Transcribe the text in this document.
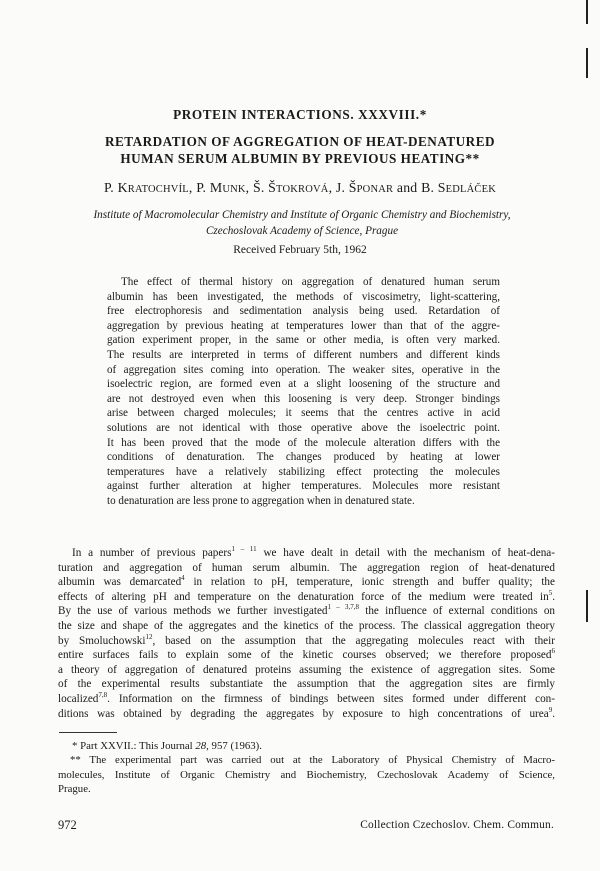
PROTEIN INTERACTIONS. XXXVIII.*
RETARDATION OF AGGREGATION OF HEAT-DENATURED
HUMAN SERUM ALBUMIN BY PREVIOUS HEATING**
P. KRATOCHVÍL, P. MUNK, Š. ŠTOKROVÁ, J. ŠPONAR and B. SEDLÁČEK
Institute of Macromolecular Chemistry and Institute of Organic Chemistry and Biochemistry,
Czechoslovak Academy of Science, Prague
Received February 5th, 1962
The effect of thermal history on aggregation of denatured human serum
albumin has been investigated, the methods of viscosimetry, light-scattering,
free electrophoresis and sedimentation analysis being used. Retardation of
aggregation by previous heating at temperatures lower than that of the aggre-
gation experiment proper, in the same or other media, is often very marked.
The results are interpreted in terms of different numbers and different kinds
of aggregation sites coming into operation. The weaker sites, operative in the
isoelectric region, are formed even at a slight loosening of the structure and
are not destroyed even when this loosening is very deep. Stronger bindings
arise between charged molecules; it seems that the centres active in acid
solutions are not identical with those operative above the isoelectric point.
It has been proved that the mode of the molecule alteration differs with the
conditions of denaturation. The changes produced by heating at lower
temperatures have a relatively stabilizing effect protecting the molecules
against further alteration at higher temperatures. Molecules more resistant
to denaturation are less prone to aggregation when in denatured state.
In a number of previous papers$^{1 - 11}$ we have dealt in detail with the mechanism of heat-dena-
turation and aggregation of human serum albumin. The aggregation region of heat-denatured
albumin was demarcated$^4$ in relation to pH, temperature, ionic strength and buffer quality; the
effects of altering pH and temperature on the denaturation force of the medium were treated $in^5$.
By the use of various methods we further investigated$^{1 - 3,7,8}$ the influence of external conditions on
the size and shape of the aggregates and the kinetics of the process. The classical aggregation theory
by Smoluchowski$^{12}$, based on the assumption that the aggregating molecules react with their
entire surfaces fails to explain some of the kinetic courses observed; we therefore proposed$^6$
a theory of aggregation of denatured proteins assuming the existence of aggregation sites. Some
of the experimental results substantiate the assumption that the aggregation sites are firmly
localized$^{7,8}$. Information on the firmness of bindings between sites formed under different con-
ditions was obtained by degrading the aggregates by exposure to high concentrations of urea$^9$.
* Part XXVII.: This Journal 28, 957 (1963).
** The experimental part was carried out at the Laboratory of Physical Chemistry of Macro-
molecules, Institute of Organic Chemistry and Biochemistry, Czechoslovak Academy of Science,
Prague.
972	Collection Czechoslov. Chem. Commun.
